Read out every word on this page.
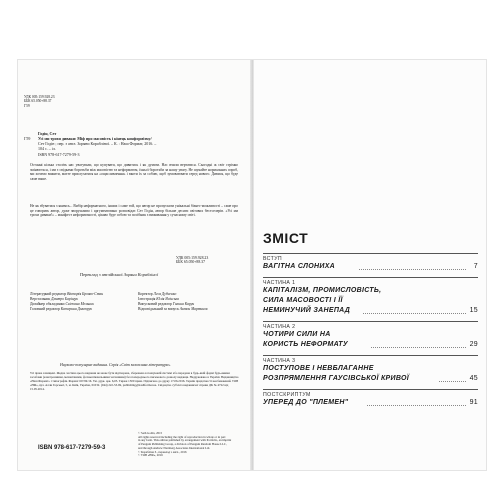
УДК 005:159.928.23
ББК 65.050+88.37
Г59
Годін, Сет
Г59 Усі ми трохи диваки: Міф про масовість і кінець конформізму/
Сет Годін ; пер. з англ. Зоряни Корабліної. – К. : Наш Формат, 2016. –
104 с. – іл.
ISBN 978-617-7279-59-3
Останні кілька століть нас увагували, що купувати, що дивитись і як думати. Нас вчили вертатися. Сьогодні ж світ стрімко змінюється, і ми є свідками боротьби між масовістю та неформатом, їхньої боротьби за нашу увагу. Не шукайте нормальних спроб, ми хочемо вижити, маєте прислухатися на «ощасливлення» і вкоти їх за собою, щоб зумовлювати серед нового. Дивися, що буде саме ваше.
Не як збуватися з якимсь... Вибір неформатного, інших і саме той, що автор не пропускати унікальні бізнес-можливості – саме про це говорить автор, дуже зворушливо і аргументовано розповідає Сет Годін, автор більше десяти світових бестселерів. «Усі ми трохи диваки!» – маніфест неформатності, цікаво буде собою та посібник з виживання у сучасному світі.
УДК 005:159.928.23
ББК 65.050+88.37
Переклад з англійської Зоряни Корабліної
Літературний редактор Вікторія Бровко-Стан	Коректор Леся Дубченко
Верстальник Дмитро Баріщук	Ілюстрація Юлія Ясінська
Дизайнер обкладинки Сніжана Мельник	Випусковий редактор Галина Карун
Головний редактор Катерина Дмитрук	Відповідальний за випуск Антон Мартинов
Науково-популярне видання. Серія «Світ захоплива література»
Усі права захищені. Жодна частина цього видання не може бути відтворена, збережена в пошуковій системі або передана в будь-якій формі будь-якими засобами (електронними, механічними, фотокопіювальними чи іншими) без попереднього письмового дозволу видавця. Надруковано в Україні. Видавництво «Наш Формат» і типографія. Формат 60×84/16. Ум. друк. арк. 6,05. Тираж 1500 прим. Підписано до друку 17.06.2016. Термін придатності необмежений. ТОВ «НФ», вул. Алли Горської, 5, м. Київ, Україна, 01032. (044) 222-53-69, publishing@nashformat.ua. Свідоцтво суб'єкта видавничої справи ДК № 4722 від 15.05.2014.
© Seth Godin, 2015
All rights reserved including the right of reproduction in whole or in part
in any form. This edition published by arrangement with Portfolio, an imprint
of Penguin Publishing Group, a division of Penguin Random House LLC,
and through Andrew Nurnberg Associates International Ltd.
© Корабліна З., переклад з англ., 2016
© ТОВ «НФ», 2016
ISBN 978-617-7279-59-3
ЗМІСТ
ВСТУП
ВАГІТНА СЛОНИХА	7
ЧАСТИНА 1
КАПІТАЛІЗМ, ПРОМИСЛОВІСТЬ,
СИЛА МАСОВОСТІ І ЇЇ
НЕМИНУЧИЙ ЗАНЕПАД	15
ЧАСТИНА 2
ЧОТИРИ СИЛИ НА
КОРИСТЬ НЕФОРМАТУ	29
ЧАСТИНА 3
ПОСТУПОВЕ І НЕВБЛАГАННЕ
РОЗПРЯМЛЕННЯ ГАУСІВСЬКОЇ КРИВОЇ	45
ПОСТСКРИПТУМ
УПЕРЕД ДО "ПЛЕМЕН"	91
